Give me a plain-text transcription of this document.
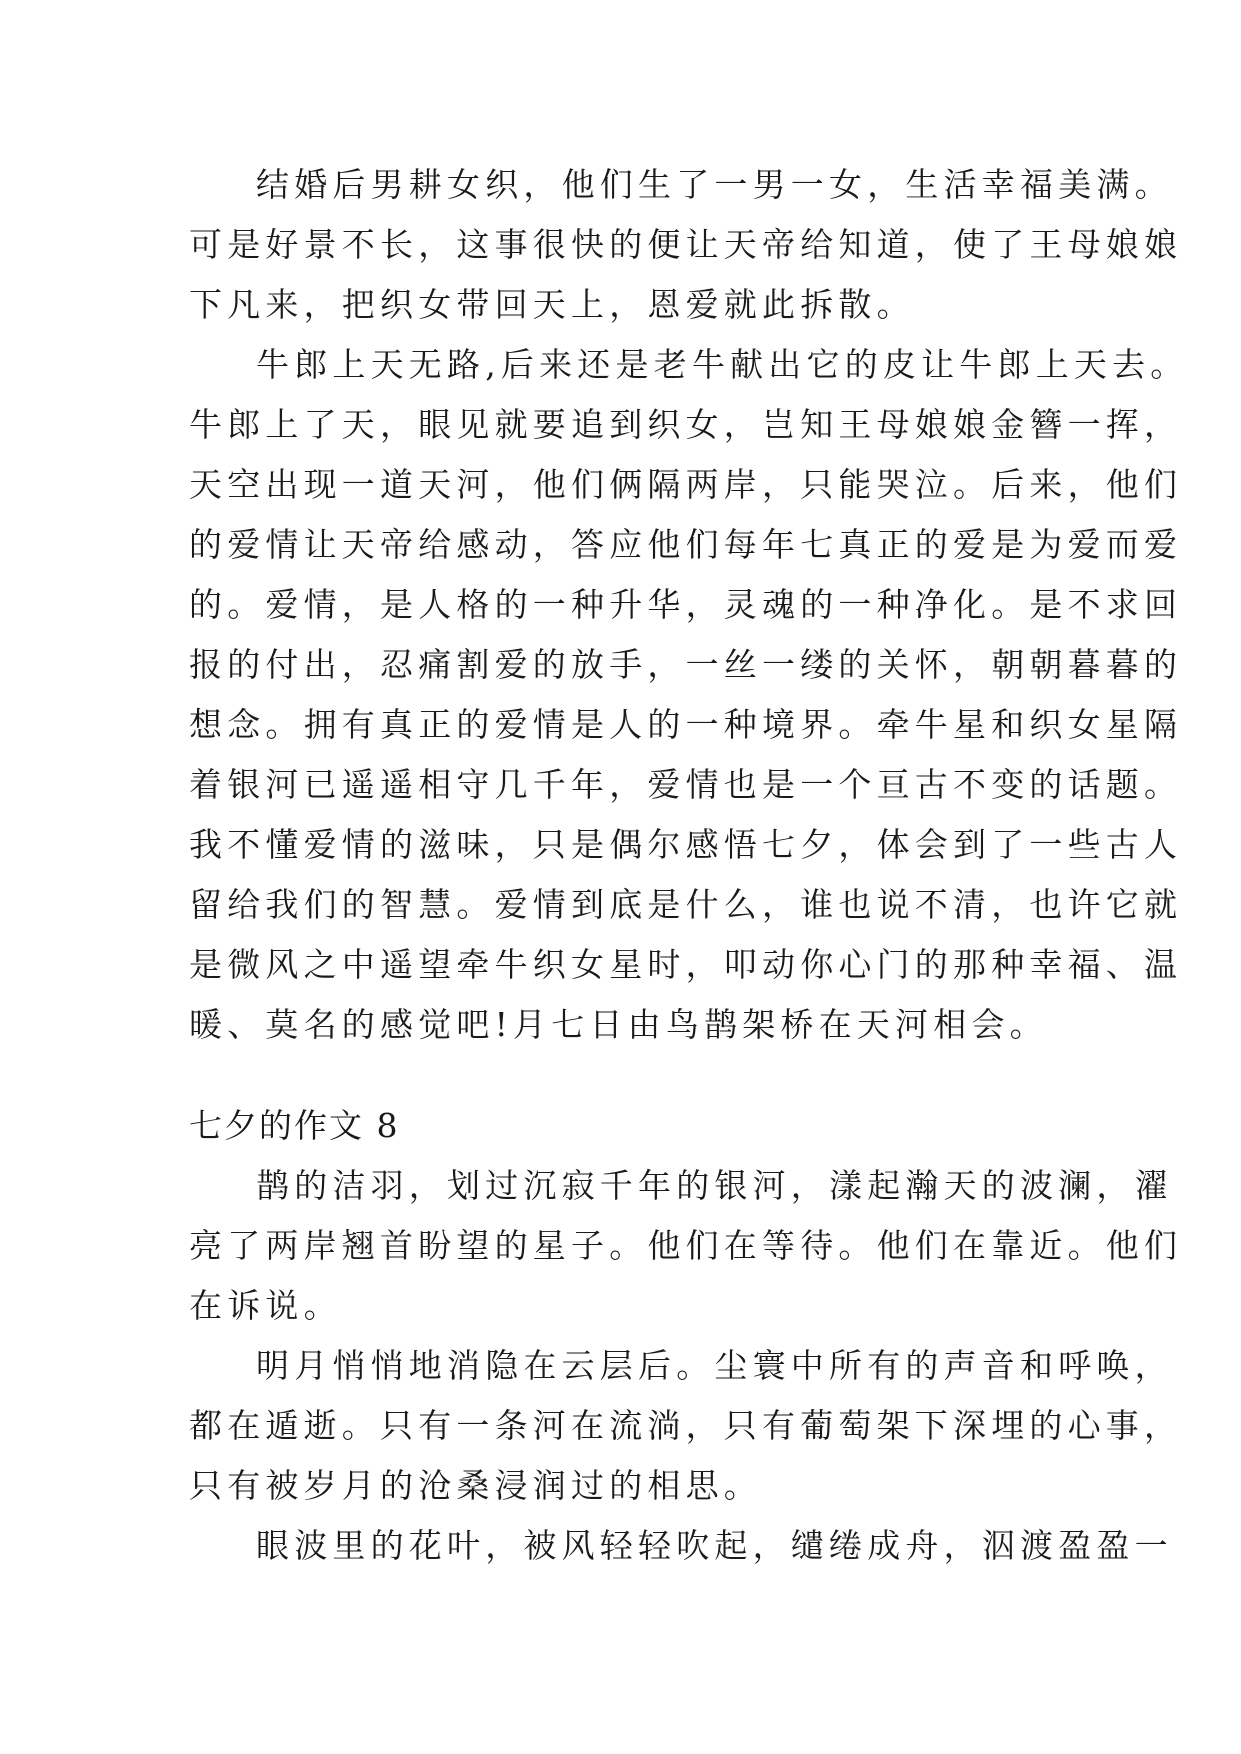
结婚后男耕女织，他们生了一男一女，生活幸福美满。
可是好景不长，这事很快的便让天帝给知道，使了王母娘娘
下凡来，把织女带回天上，恩爱就此拆散。
牛郎上天无路,后来还是老牛献出它的皮让牛郎上天去。
牛郎上了天，眼见就要追到织女，岂知王母娘娘金簪一挥，
天空出现一道天河，他们俩隔两岸，只能哭泣。后来，他们
的爱情让天帝给感动，答应他们每年七真正的爱是为爱而爱
的。爱情，是人格的一种升华，灵魂的一种净化。是不求回
报的付出，忍痛割爱的放手，一丝一缕的关怀，朝朝暮暮的
想念。拥有真正的爱情是人的一种境界。牵牛星和织女星隔
着银河已遥遥相守几千年，爱情也是一个亘古不变的话题。
我不懂爱情的滋味，只是偶尔感悟七夕，体会到了一些古人
留给我们的智慧。爱情到底是什么，谁也说不清，也许它就
是微风之中遥望牵牛织女星时，叩动你心门的那种幸福、温
暖、莫名的感觉吧!月七日由鸟鹊架桥在天河相会。
七夕的作文 8
鹊的洁羽，划过沉寂千年的银河，漾起瀚天的波澜，濯
亮了两岸翘首盼望的星子。他们在等待。他们在靠近。他们
在诉说。
明月悄悄地消隐在云层后。尘寰中所有的声音和呼唤，
都在遁逝。只有一条河在流淌，只有葡萄架下深埋的心事，
只有被岁月的沧桑浸润过的相思。
眼波里的花叶，被风轻轻吹起，缱绻成舟，泅渡盈盈一
